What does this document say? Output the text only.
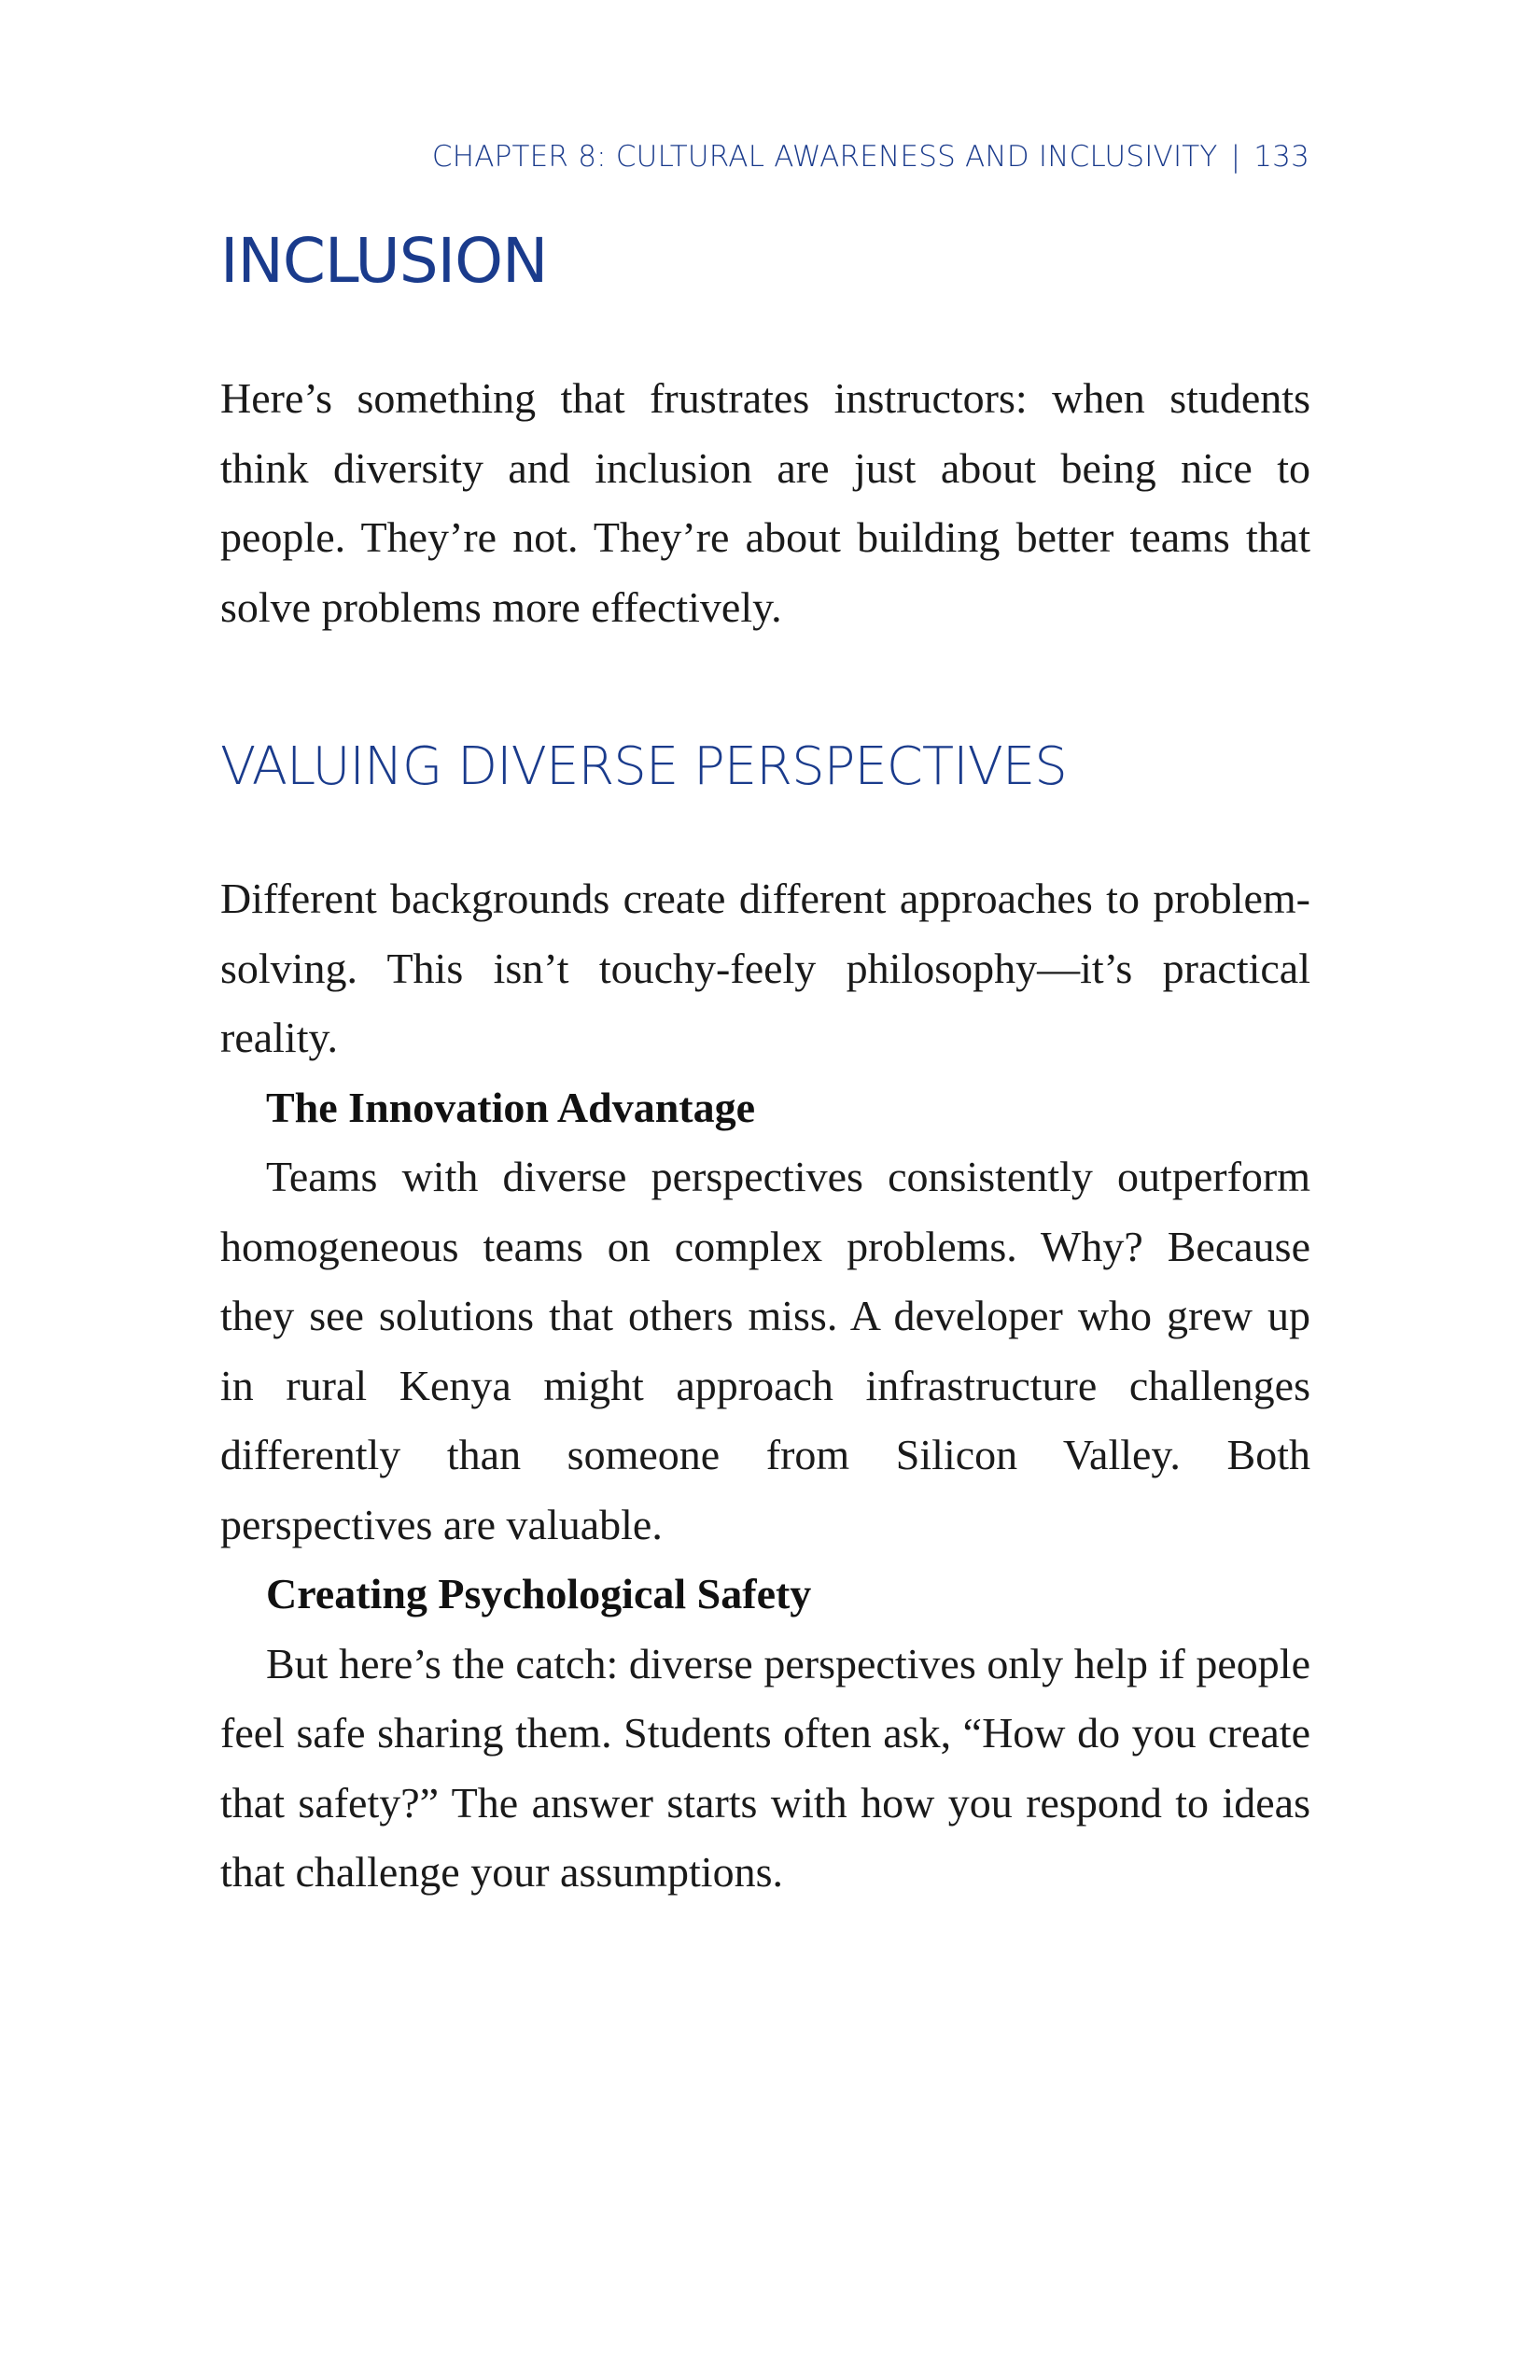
CHAPTER 8: CULTURAL AWARENESS AND INCLUSIVITY | 133
INCLUSION

Here’s something that frustrates instructors: when students think diversity and inclusion are just about being nice to people. They’re not. They’re about building better teams that solve problems more effectively.

VALUING DIVERSE PERSPECTIVES

Different backgrounds create different approaches to problem-solving. This isn’t touchy-feely philosophy—it’s practical reality.

The Innovation Advantage

Teams with diverse perspectives consistently outperform homogeneous teams on complex problems. Why? Because they see solutions that others miss. A developer who grew up in rural Kenya might approach infrastructure challenges differently than someone from Silicon Valley. Both perspectives are valuable.

Creating Psychological Safety

But here’s the catch: diverse perspectives only help if people feel safe sharing them. Students often ask, “How do you create that safety?” The answer starts with how you respond to ideas that challenge your assumptions.
